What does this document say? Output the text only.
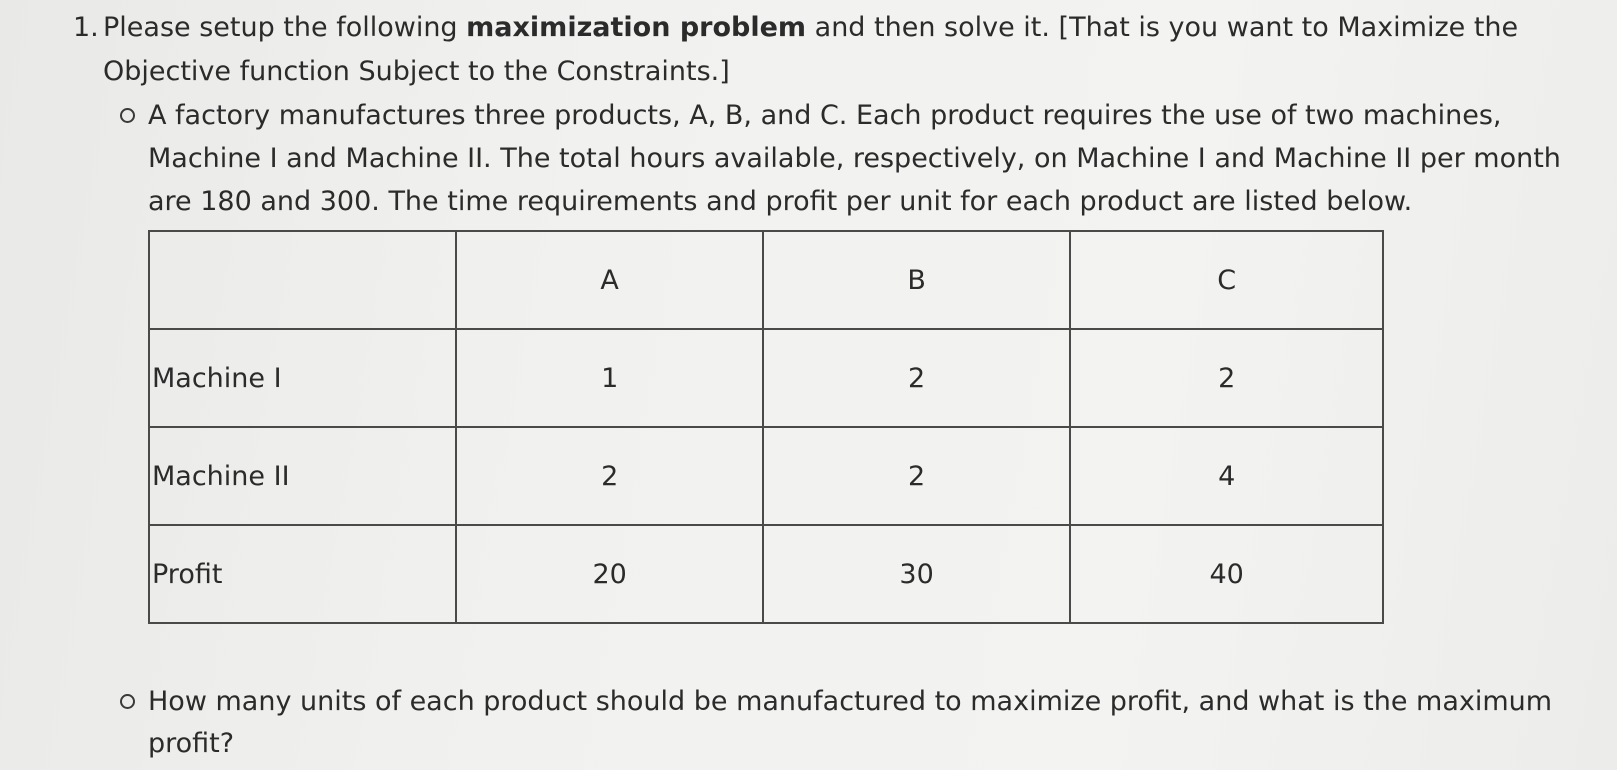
1. Please setup the following maximization problem and then solve it. [That is you want to Maximize the
Objective function Subject to the Constraints.]
A factory manufactures three products, A, B, and C. Each product requires the use of two machines,
Machine I and Machine II. The total hours available, respectively, on Machine I and Machine II per month
are 180 and 300. The time requirements and profit per unit for each product are listed below.
	A	B	C
Machine I	1	2	2
Machine II	2	2	4
Profit	20	30	40
How many units of each product should be manufactured to maximize profit, and what is the maximum
profit?
